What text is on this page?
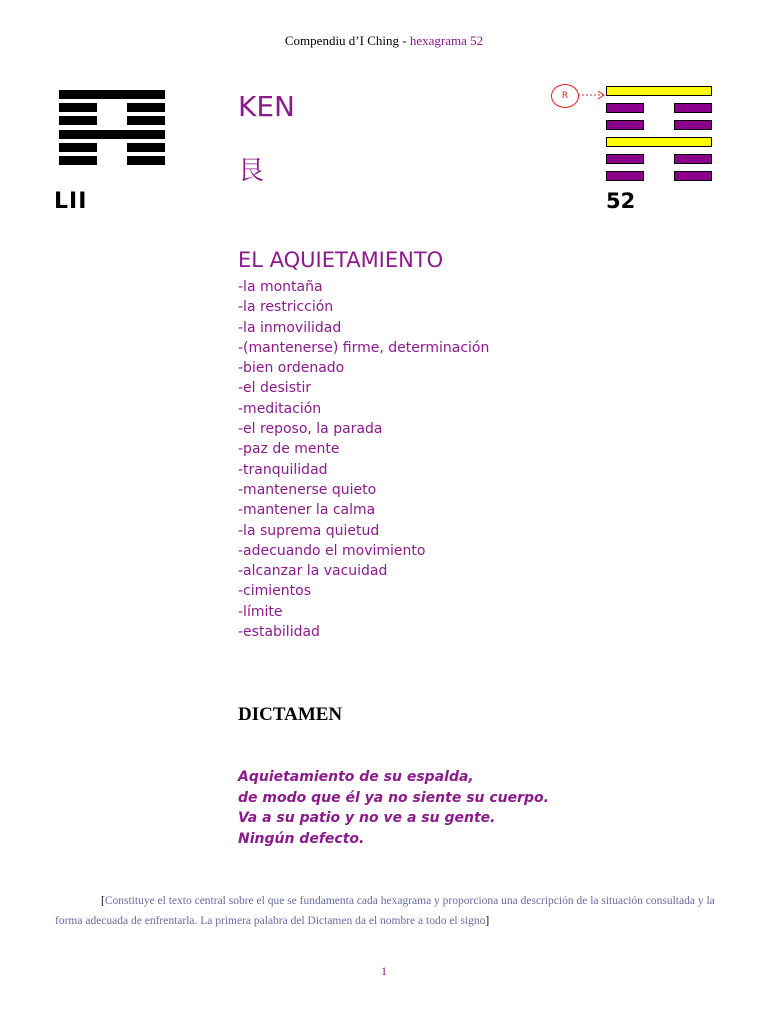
Compendiu d’I Ching - hexagrama 52
LII
KEN
艮
R
52
EL AQUIETAMIENTO
-la montaña
-la restricción
-la inmovilidad
-(mantenerse) firme, determinación
-bien ordenado
-el desistir
-meditación
-el reposo, la parada
-paz de mente
-tranquilidad
-mantenerse quieto
-mantener la calma
-la suprema quietud
-adecuando el movimiento
-alcanzar la vacuidad
-cimientos
-límite
-estabilidad
DICTAMEN
Aquietamiento de su espalda,
de modo que él ya no siente su cuerpo.
Va a su patio y no ve a su gente.
Ningún defecto.
[Constituye el texto central sobre el que se fundamenta cada hexagrama y proporciona una descripción de la situación consultada y la forma adecuada de enfrentarla. La primera palabra del Dictamen da el nombre a todo el signo]
1
